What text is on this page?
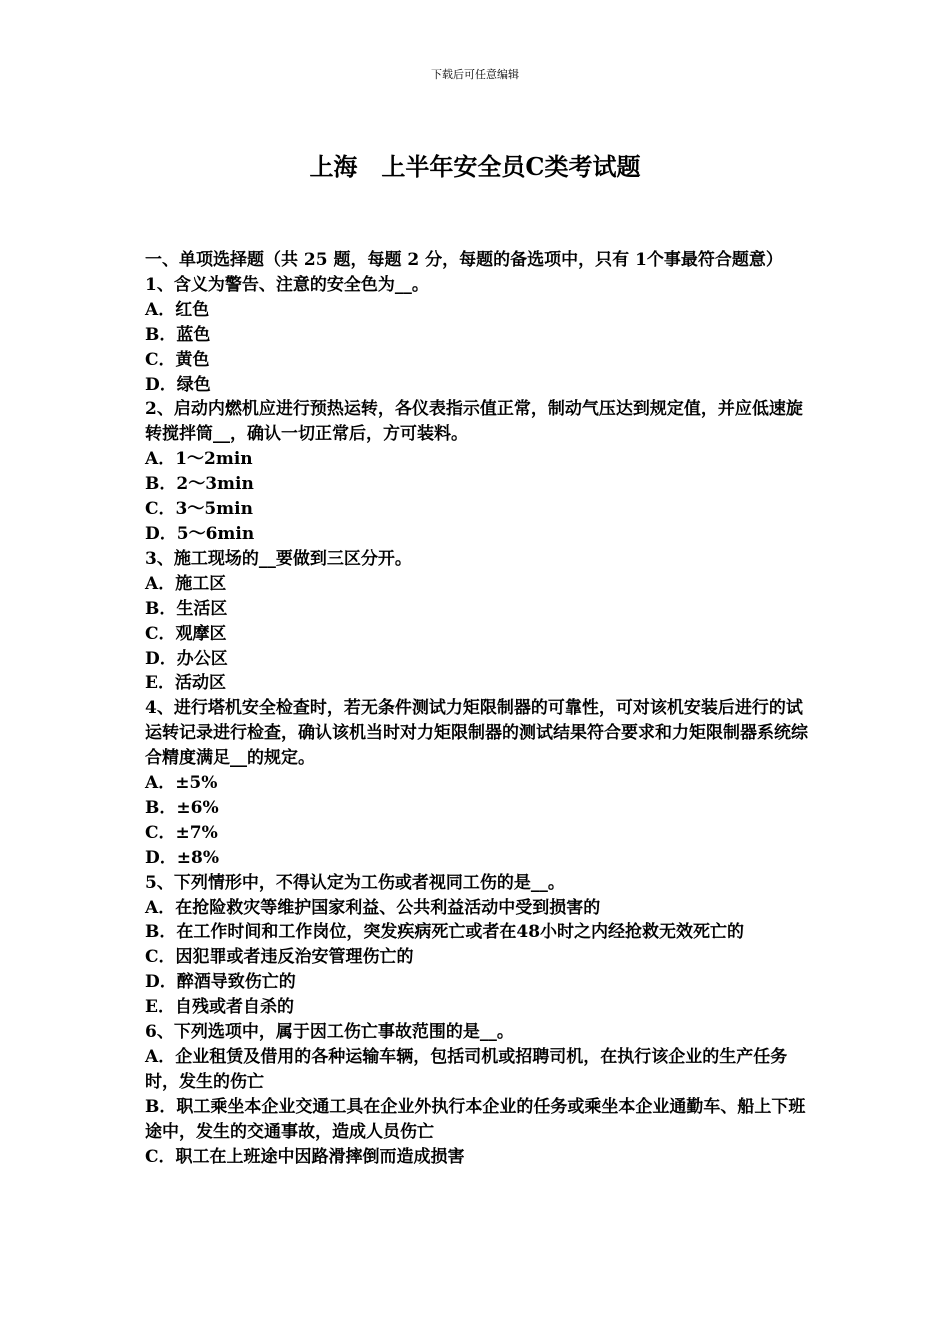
下载后可任意编辑
上海　上半年安全员C类考试题

一、单项选择题（共 25 题，每题 2 分，每题的备选项中，只有 1个事最符合题意）

1、含义为警告、注意的安全色为__。

A．红色

B．蓝色

C．黄色

D．绿色

2、启动内燃机应进行预热运转，各仪表指示值正常，制动气压达到规定值，并应低速旋转搅拌筒__，确认一切正常后，方可装料。

A．1～2min

B．2～3min

C．3～5min

D．5～6min

3、施工现场的__要做到三区分开。

A．施工区

B．生活区

C．观摩区

D．办公区

E．活动区

4、进行塔机安全检查时，若无条件测试力矩限制器的可靠性，可对该机安装后进行的试运转记录进行检查，确认该机当时对力矩限制器的测试结果符合要求和力矩限制器系统综合精度满足__的规定。

A．±5%

B．±6%

C．±7%

D．±8%

5、下列情形中，不得认定为工伤或者视同工伤的是__。

A．在抢险救灾等维护国家利益、公共利益活动中受到损害的

B．在工作时间和工作岗位，突发疾病死亡或者在48小时之内经抢救无效死亡的

C．因犯罪或者违反治安管理伤亡的

D．醉酒导致伤亡的

E．自残或者自杀的

6、下列选项中，属于因工伤亡事故范围的是__。

A．企业租赁及借用的各种运输车辆，包括司机或招聘司机，在执行该企业的生产任务时，发生的伤亡

B．职工乘坐本企业交通工具在企业外执行本企业的任务或乘坐本企业通勤车、船上下班途中，发生的交通事故，造成人员伤亡

C．职工在上班途中因路滑摔倒而造成损害
